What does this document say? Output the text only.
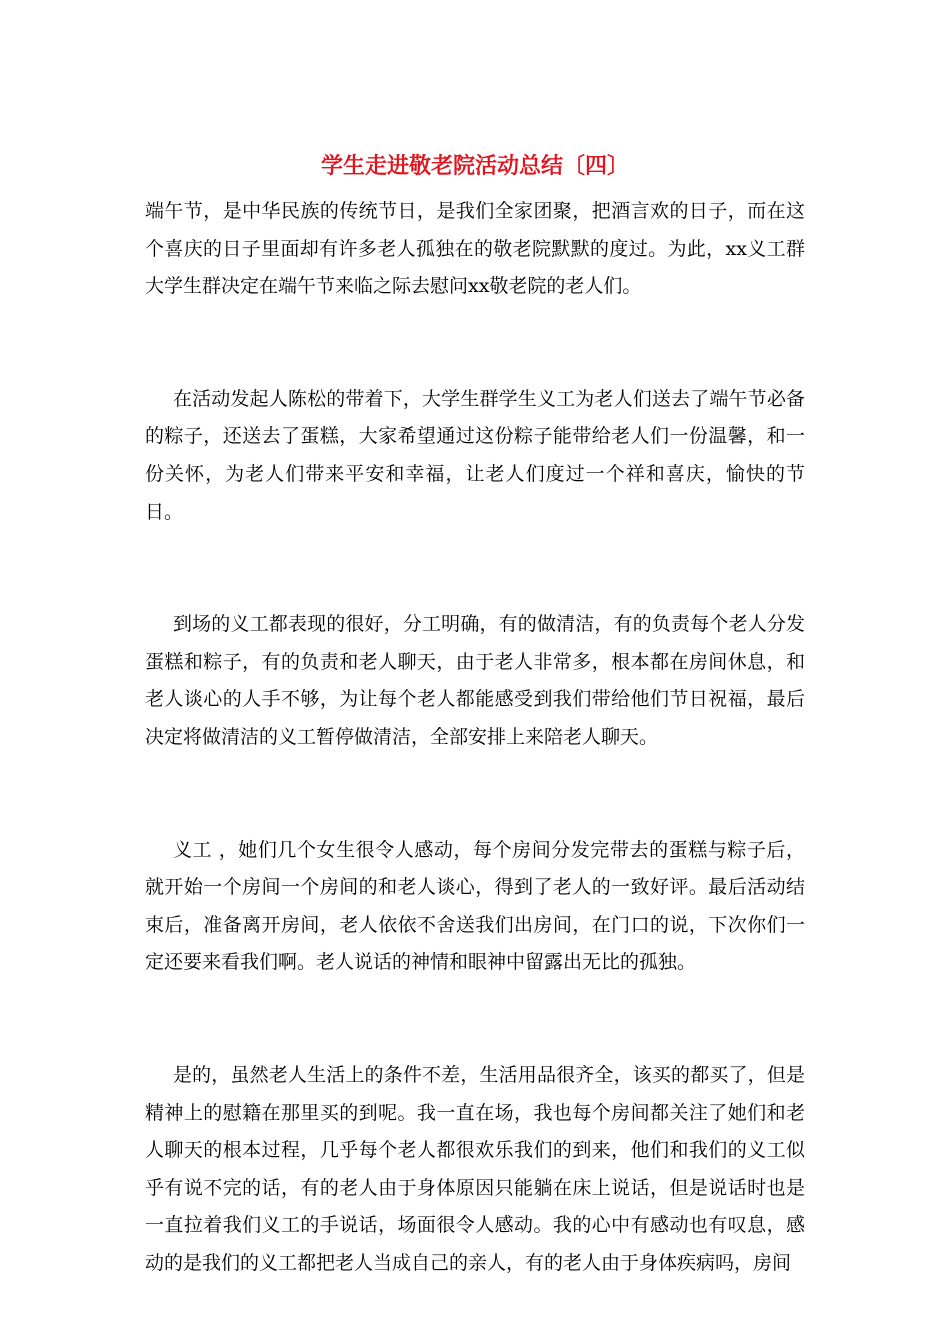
学生走进敬老院活动总结〔四〕

端午节，是中华民族的传统节日，是我们全家团聚，把酒言欢的日子，而在这个喜庆的日子里面却有许多老人孤独在的敬老院默默的度过。为此，xx义工群大学生群决定在端午节来临之际去慰问xx敬老院的老人们。

在活动发起人陈松的带着下，大学生群学生义工为老人们送去了端午节必备的粽子，还送去了蛋糕，大家希望通过这份粽子能带给老人们一份温馨，和一份关怀，为老人们带来平安和幸福，让老人们度过一个祥和喜庆，愉快的节日。

到场的义工都表现的很好，分工明确，有的做清洁，有的负责每个老人分发蛋糕和粽子，有的负责和老人聊天，由于老人非常多，根本都在房间休息，和老人谈心的人手不够，为让每个老人都能感受到我们带给他们节日祝福，最后决定将做清洁的义工暂停做清洁，全部安排上来陪老人聊天。

义工 ，她们几个女生很令人感动，每个房间分发完带去的蛋糕与粽子后，就开始一个房间一个房间的和老人谈心，得到了老人的一致好评。最后活动结束后，准备离开房间，老人依依不舍送我们出房间，在门口的说，下次你们一定还要来看我们啊。老人说话的神情和眼神中留露出无比的孤独。

是的，虽然老人生活上的条件不差，生活用品很齐全，该买的都买了，但是精神上的慰籍在那里买的到呢。我一直在场，我也每个房间都关注了她们和老人聊天的根本过程，几乎每个老人都很欢乐我们的到来，他们和我们的义工似乎有说不完的话，有的老人由于身体原因只能躺在床上说话，但是说话时也是一直拉着我们义工的手说话，场面很令人感动。我的心中有感动也有叹息，感动的是我们的义工都把老人当成自己的亲人，有的老人由于身体疾病吗，房间
